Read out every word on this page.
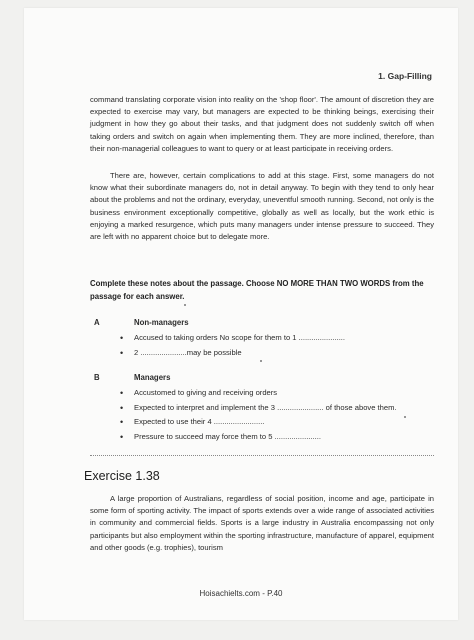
1. Gap-Filling

command translating corporate vision into reality on the 'shop floor'. The amount of discretion they are expected to exercise may vary, but managers are expected to be thinking beings, exercising their judgment in how they go about their tasks, and that judgment does not suddenly switch off when taking orders and switch on again when implementing them. They are more inclined, therefore, than their non-managerial colleagues to want to query or at least participate in receiving orders.

There are, however, certain complications to add at this stage. First, some managers do not know what their subordinate managers do, not in detail anyway. To begin with they tend to only hear about the problems and not the ordinary, everyday, uneventful smooth running. Second, not only is the business environment exceptionally competitive, globally as well as locally, but the work ethic is enjoying a marked resurgence, which puts many managers under intense pressure to succeed. They are left with no apparent choice but to delegate more.

Complete these notes about the passage. Choose NO MORE THAN TWO WORDS from the passage for each answer.

A	Non-managers
• Accused to taking orders No scope for them to 1 ......................
• 2 ......................may be possible
B	Managers
• Accustomed to giving and receiving orders
• Expected to interpret and implement the 3 ...................... of those above them.
• Expected to use their 4 ........................
• Pressure to succeed may force them to 5 ......................
Exercise 1.38

A large proportion of Australians, regardless of social position, income and age, participate in some form of sporting activity. The impact of sports extends over a wide range of associated activities in community and commercial fields. Sports is a large industry in Australia encompassing not only participants but also employment within the sporting infrastructure, manufacture of apparel, equipment and other goods (e.g. trophies), tourism

Hoisachielts.com - P.40
